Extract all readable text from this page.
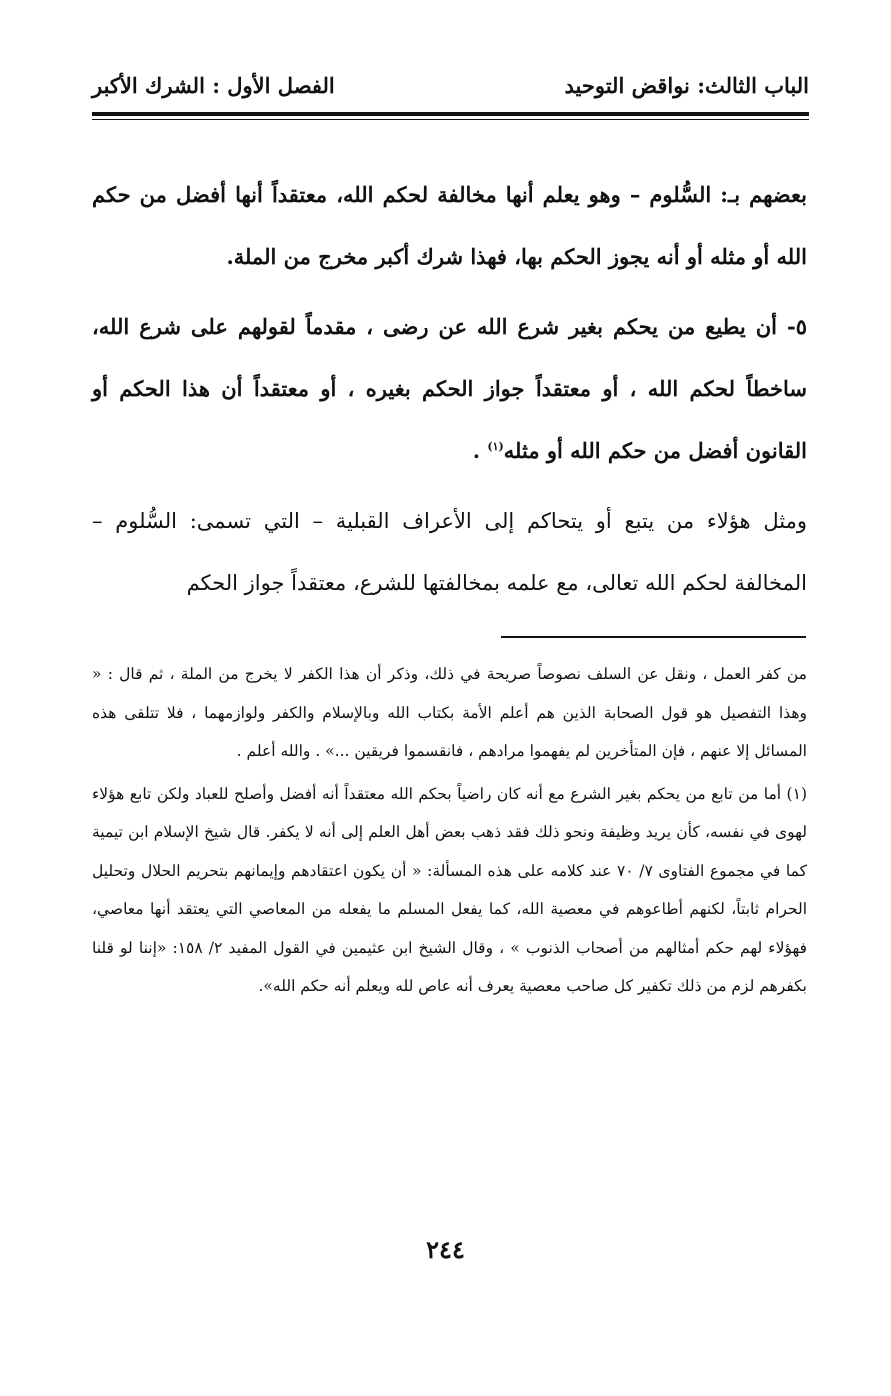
الباب الثالث: نواقض التوحيد
الفصل الأول : الشرك الأكبر

بعضهم بـ: السُّلوم – وهو يعلم أنها مخالفة لحكم الله، معتقداً أنها أفضل من حكم الله أو مثله أو أنه يجوز الحكم بها، فهذا شرك أكبر مخرج من الملة.

٥- أن يطيع من يحكم بغير شرع الله عن رضى ، مقدماً لقولهم على شرع الله، ساخطاً لحكم الله ، أو معتقداً جواز الحكم بغيره ، أو معتقداً أن هذا الحكم أو القانون أفضل من حكم الله أو مثله$^{(١)}$ .

ومثل هؤلاء من يتبع أو يتحاكم إلى الأعراف القبلية – التي تسمى: السُّلوم – المخالفة لحكم الله تعالى، مع علمه بمخالفتها للشرع، معتقداً جواز الحكم

من كفر العمل ، ونقل عن السلف نصوصاً صريحة في ذلك، وذكر أن هذا الكفر لا يخرج من الملة ، ثم قال : « وهذا التفصيل هو قول الصحابة الذين هم أعلم الأمة بكتاب الله وبالإسلام والكفر ولوازمهما ، فلا تتلقى هذه المسائل إلا عنهم ، فإن المتأخرين لم يفهموا مرادهم ، فانقسموا فريقين ...» . والله أعلم .

(١) أما من تابع من يحكم بغير الشرع مع أنه كان راضياً بحكم الله معتقداً أنه أفضل وأصلح للعباد ولكن تابع هؤلاء لهوى في نفسه، كأن يريد وظيفة ونحو ذلك فقد ذهب بعض أهل العلم إلى أنه لا يكفر. قال شيخ الإسلام ابن تيمية كما في مجموع الفتاوى ٧/ ٧٠ عند كلامه على هذه المسألة: « أن يكون اعتقادهم وإيمانهم بتحريم الحلال وتحليل الحرام ثابتاً، لكنهم أطاعوهم في معصية الله، كما يفعل المسلم ما يفعله من المعاصي التي يعتقد أنها معاصي، فهؤلاء لهم حكم أمثالهم من أصحاب الذنوب » ، وقال الشيخ ابن عثيمين في القول المفيد ٢/ ١٥٨: «إننا لو قلنا بكفرهم لزم من ذلك تكفير كل صاحب معصية يعرف أنه عاص لله ويعلم أنه حكم الله».

٢٤٤
